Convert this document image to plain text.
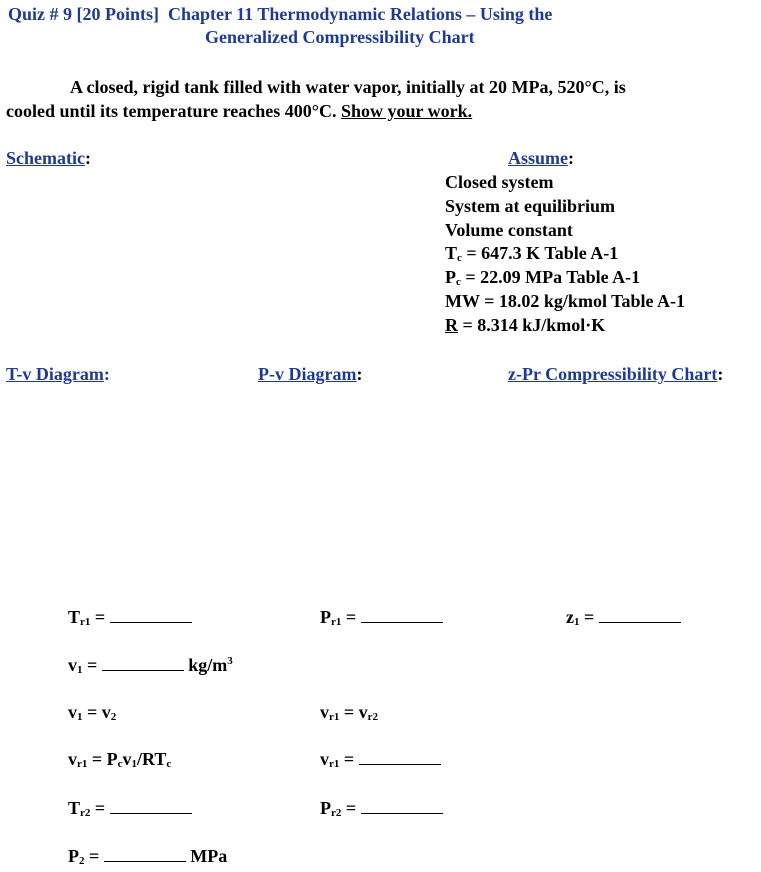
Quiz # 9 [20 Points] Chapter 11 Thermodynamic Relations – Using the
Generalized Compressibility Chart
A closed, rigid tank filled with water vapor, initially at 20 MPa, 520°C, is
cooled until its temperature reaches 400°C. Show your work.
Schematic:	Assume:
Closed system
System at equilibrium
Volume constant
$T_c = 647.3$ K Table A-1
$P_c = 22.09$ MPa Table A-1
MW = 18.02 kg/kmol Table A-1
R = 8.314 kJ/kmol·K
T-v Diagram:	P-v Diagram:	z-Pr Compressibility Chart:
$T_{r1}$ =	$P_{r1}$ =	$z_1$ =
$v_1$ =	$kg/m^3$
$v_1 = v_2$	$v_{r1} = v_{r2}$
$v_{r1} = P_cv_1/RT_c$	$v_{r1}$ =
$T_{r2}$ =	$P_{r2}$ =
$P_2$ =	MPa
